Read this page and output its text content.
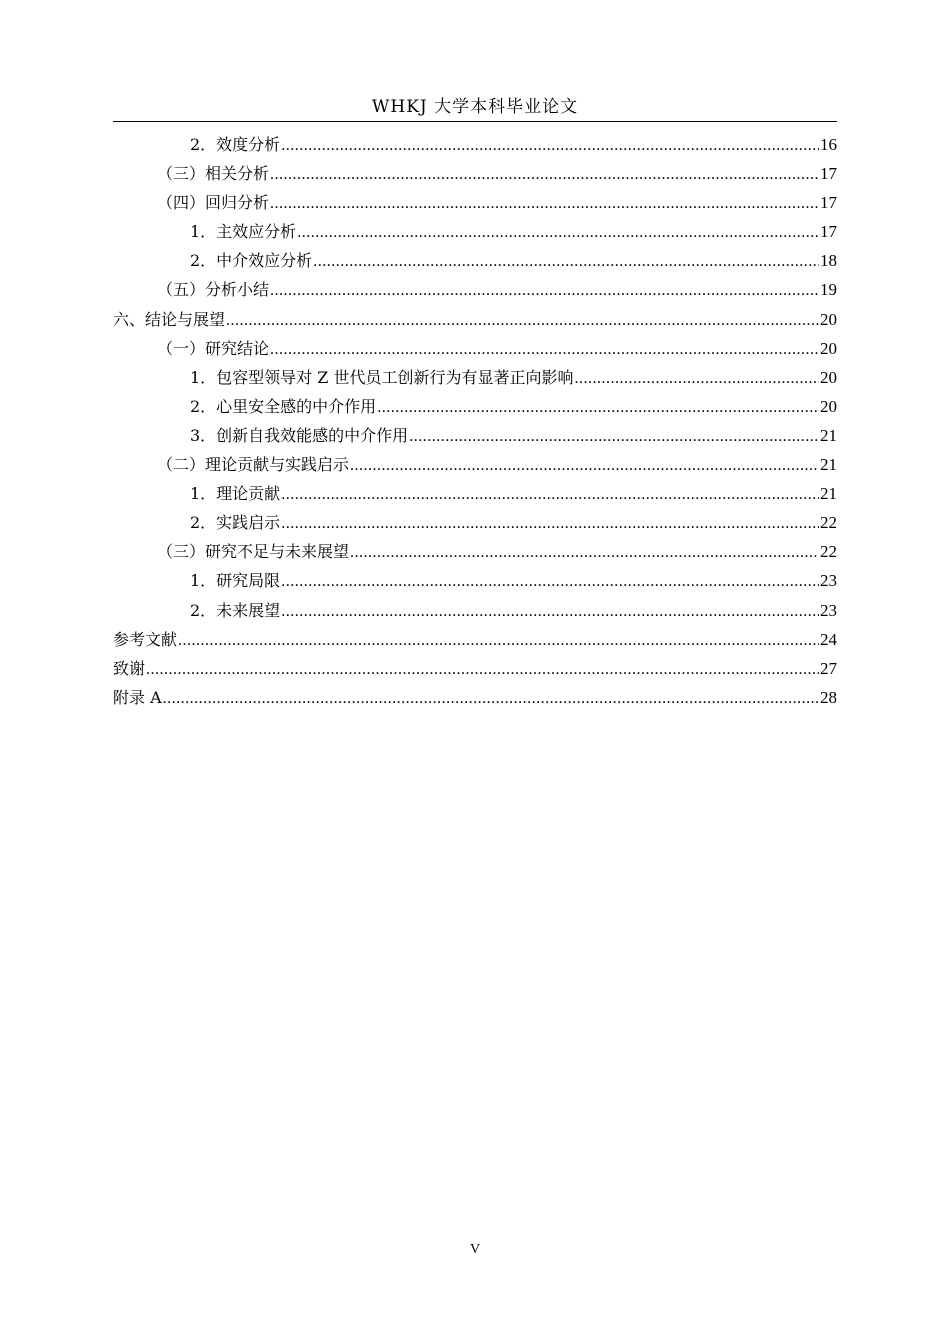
WHKJ 大学本科毕业论文
2．效度分析 .....	16
（三）相关分析 .....	17
（四）回归分析 .....	17
1．主效应分析 .....	17
2．中介效应分析 .....	18
（五）分析小结 .....	19
六、结论与展望 .....	20
（一）研究结论 .....	20
1．包容型领导对 Z 世代员工创新行为有显著正向影响 .....	20
2．心里安全感的中介作用 .....	20
3．创新自我效能感的中介作用 .....	21
（二）理论贡献与实践启示 .....	21
1．理论贡献 .....	21
2．实践启示 .....	22
（三）研究不足与未来展望 .....	22
1．研究局限 .....	23
2．未来展望 .....	23
参考文献 .....	24
致谢 .....	27
附录 A .....	28
V
